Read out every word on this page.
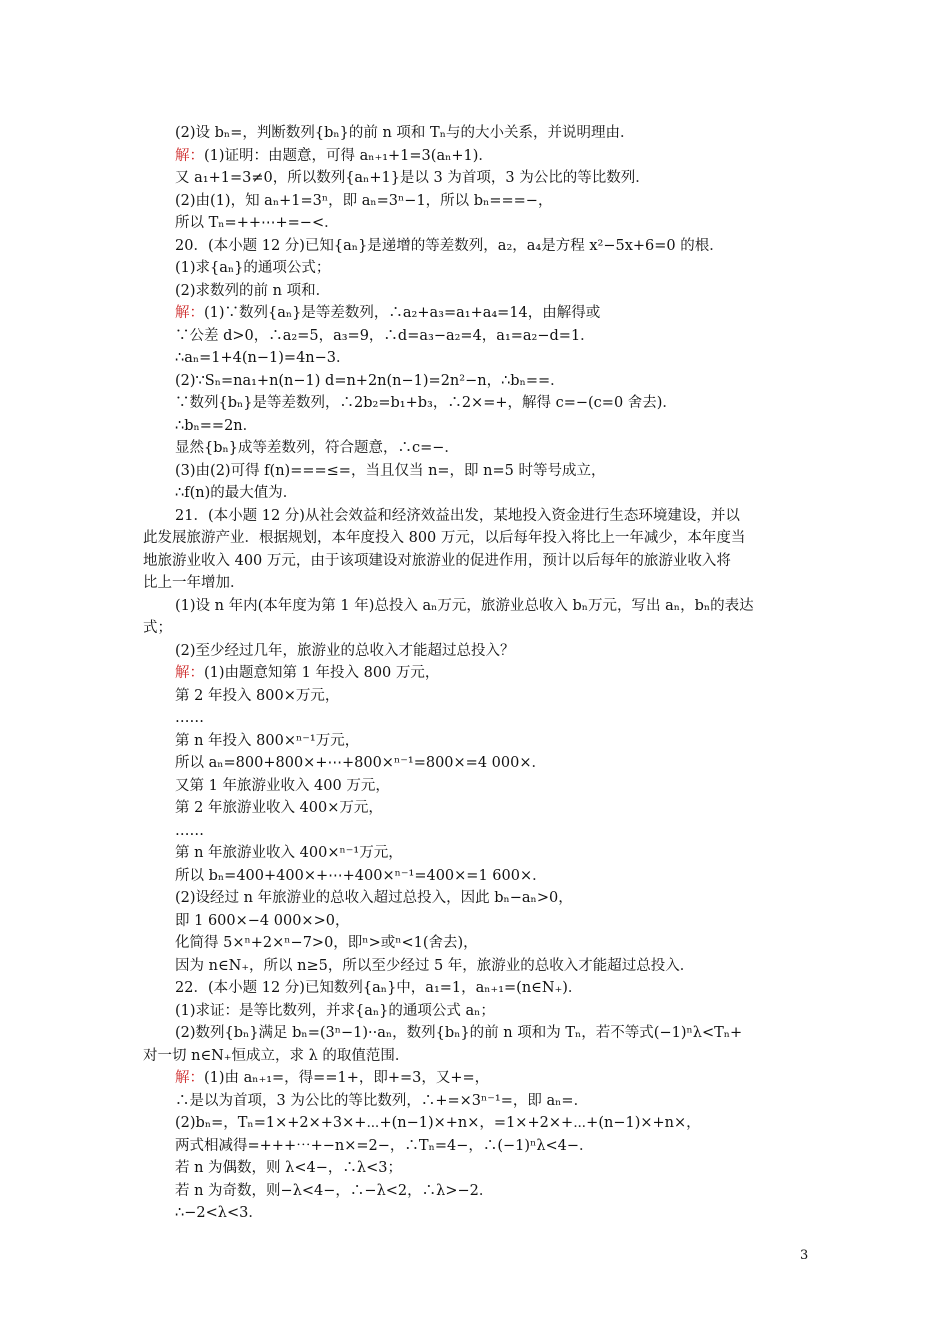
(2)设 bₙ=，判断数列{bₙ}的前 n 项和 Tₙ与的大小关系，并说明理由．
解：(1)证明：由题意，可得 aₙ₊₁+1=3(aₙ+1)．
又 a₁+1=3≠0，所以数列{aₙ+1}是以 3 为首项，3 为公比的等比数列．
(2)由(1)，知 aₙ+1=3ⁿ，即 aₙ=3ⁿ−1，所以 bₙ===−，
所以 Tₙ=++⋯+=−<．
20．(本小题 12 分)已知{aₙ}是递增的等差数列，a₂，a₄是方程 x²−5x+6=0 的根．
(1)求{aₙ}的通项公式；
(2)求数列的前 n 项和．
解：(1)∵数列{aₙ}是等差数列，∴a₂+a₃=a₁+a₄=14，由解得或
∵公差 d>0，∴a₂=5，a₃=9，∴d=a₃−a₂=4，a₁=a₂−d=1．
∴aₙ=1+4(n−1)=4n−3．
(2)∵Sₙ=na₁+n(n−1) d=n+2n(n−1)=2n²−n，∴bₙ==．
∵数列{bₙ}是等差数列，∴2b₂=b₁+b₃，∴2×=+，解得 c=−(c=0 舍去)．
∴bₙ==2n．
显然{bₙ}成等差数列，符合题意，∴c=−．
(3)由(2)可得 f(n)===≤=，当且仅当 n=，即 n=5 时等号成立，
∴f(n)的最大值为．
21．(本小题 12 分)从社会效益和经济效益出发，某地投入资金进行生态环境建设，并以
此发展旅游产业．根据规划，本年度投入 800 万元，以后每年投入将比上一年减少，本年度当
地旅游业收入 400 万元，由于该项建设对旅游业的促进作用，预计以后每年的旅游业收入将
比上一年增加．
(1)设 n 年内(本年度为第 1 年)总投入 aₙ万元，旅游业总收入 bₙ万元，写出 aₙ，bₙ的表达
式；
(2)至少经过几年，旅游业的总收入才能超过总投入？
解：(1)由题意知第 1 年投入 800 万元，
第 2 年投入 800×万元，
……
第 n 年投入 800×ⁿ⁻¹万元，
所以 aₙ=800+800×+⋯+800×ⁿ⁻¹=800×=4 000×．
又第 1 年旅游业收入 400 万元，
第 2 年旅游业收入 400×万元，
……
第 n 年旅游业收入 400×ⁿ⁻¹万元，
所以 bₙ=400+400×+⋯+400×ⁿ⁻¹=400×=1 600×．
(2)设经过 n 年旅游业的总收入超过总投入，因此 bₙ−aₙ>0，
即 1 600×−4 000×>0，
化简得 5×ⁿ+2×ⁿ−7>0，即ⁿ>或ⁿ<1(舍去)，
因为 n∈N₊，所以 n≥5，所以至少经过 5 年，旅游业的总收入才能超过总投入．
22．(本小题 12 分)已知数列{aₙ}中，a₁=1，aₙ₊₁=(n∈N₊)．
(1)求证：是等比数列，并求{aₙ}的通项公式 aₙ；
(2)数列{bₙ}满足 bₙ=(3ⁿ−1)··aₙ，数列{bₙ}的前 n 项和为 Tₙ，若不等式(−1)ⁿλ<Tₙ+
对一切 n∈N₊恒成立，求 λ 的取值范围．
解：(1)由 aₙ₊₁=，得==1+，即+=3，又+=，
∴是以为首项，3 为公比的等比数列，∴+=×3ⁿ⁻¹=，即 aₙ=．
(2)bₙ=，Tₙ=1×+2×+3×+⋯+(n−1)×+n×，=1×+2×+⋯+(n−1)×+n×，
两式相减得=+++⋯+−n×=2−，∴Tₙ=4−，∴(−1)ⁿλ<4−．
若 n 为偶数，则 λ<4−，∴λ<3；
若 n 为奇数，则−λ<4−，∴−λ<2，∴λ>−2．
∴−2<λ<3．
3
